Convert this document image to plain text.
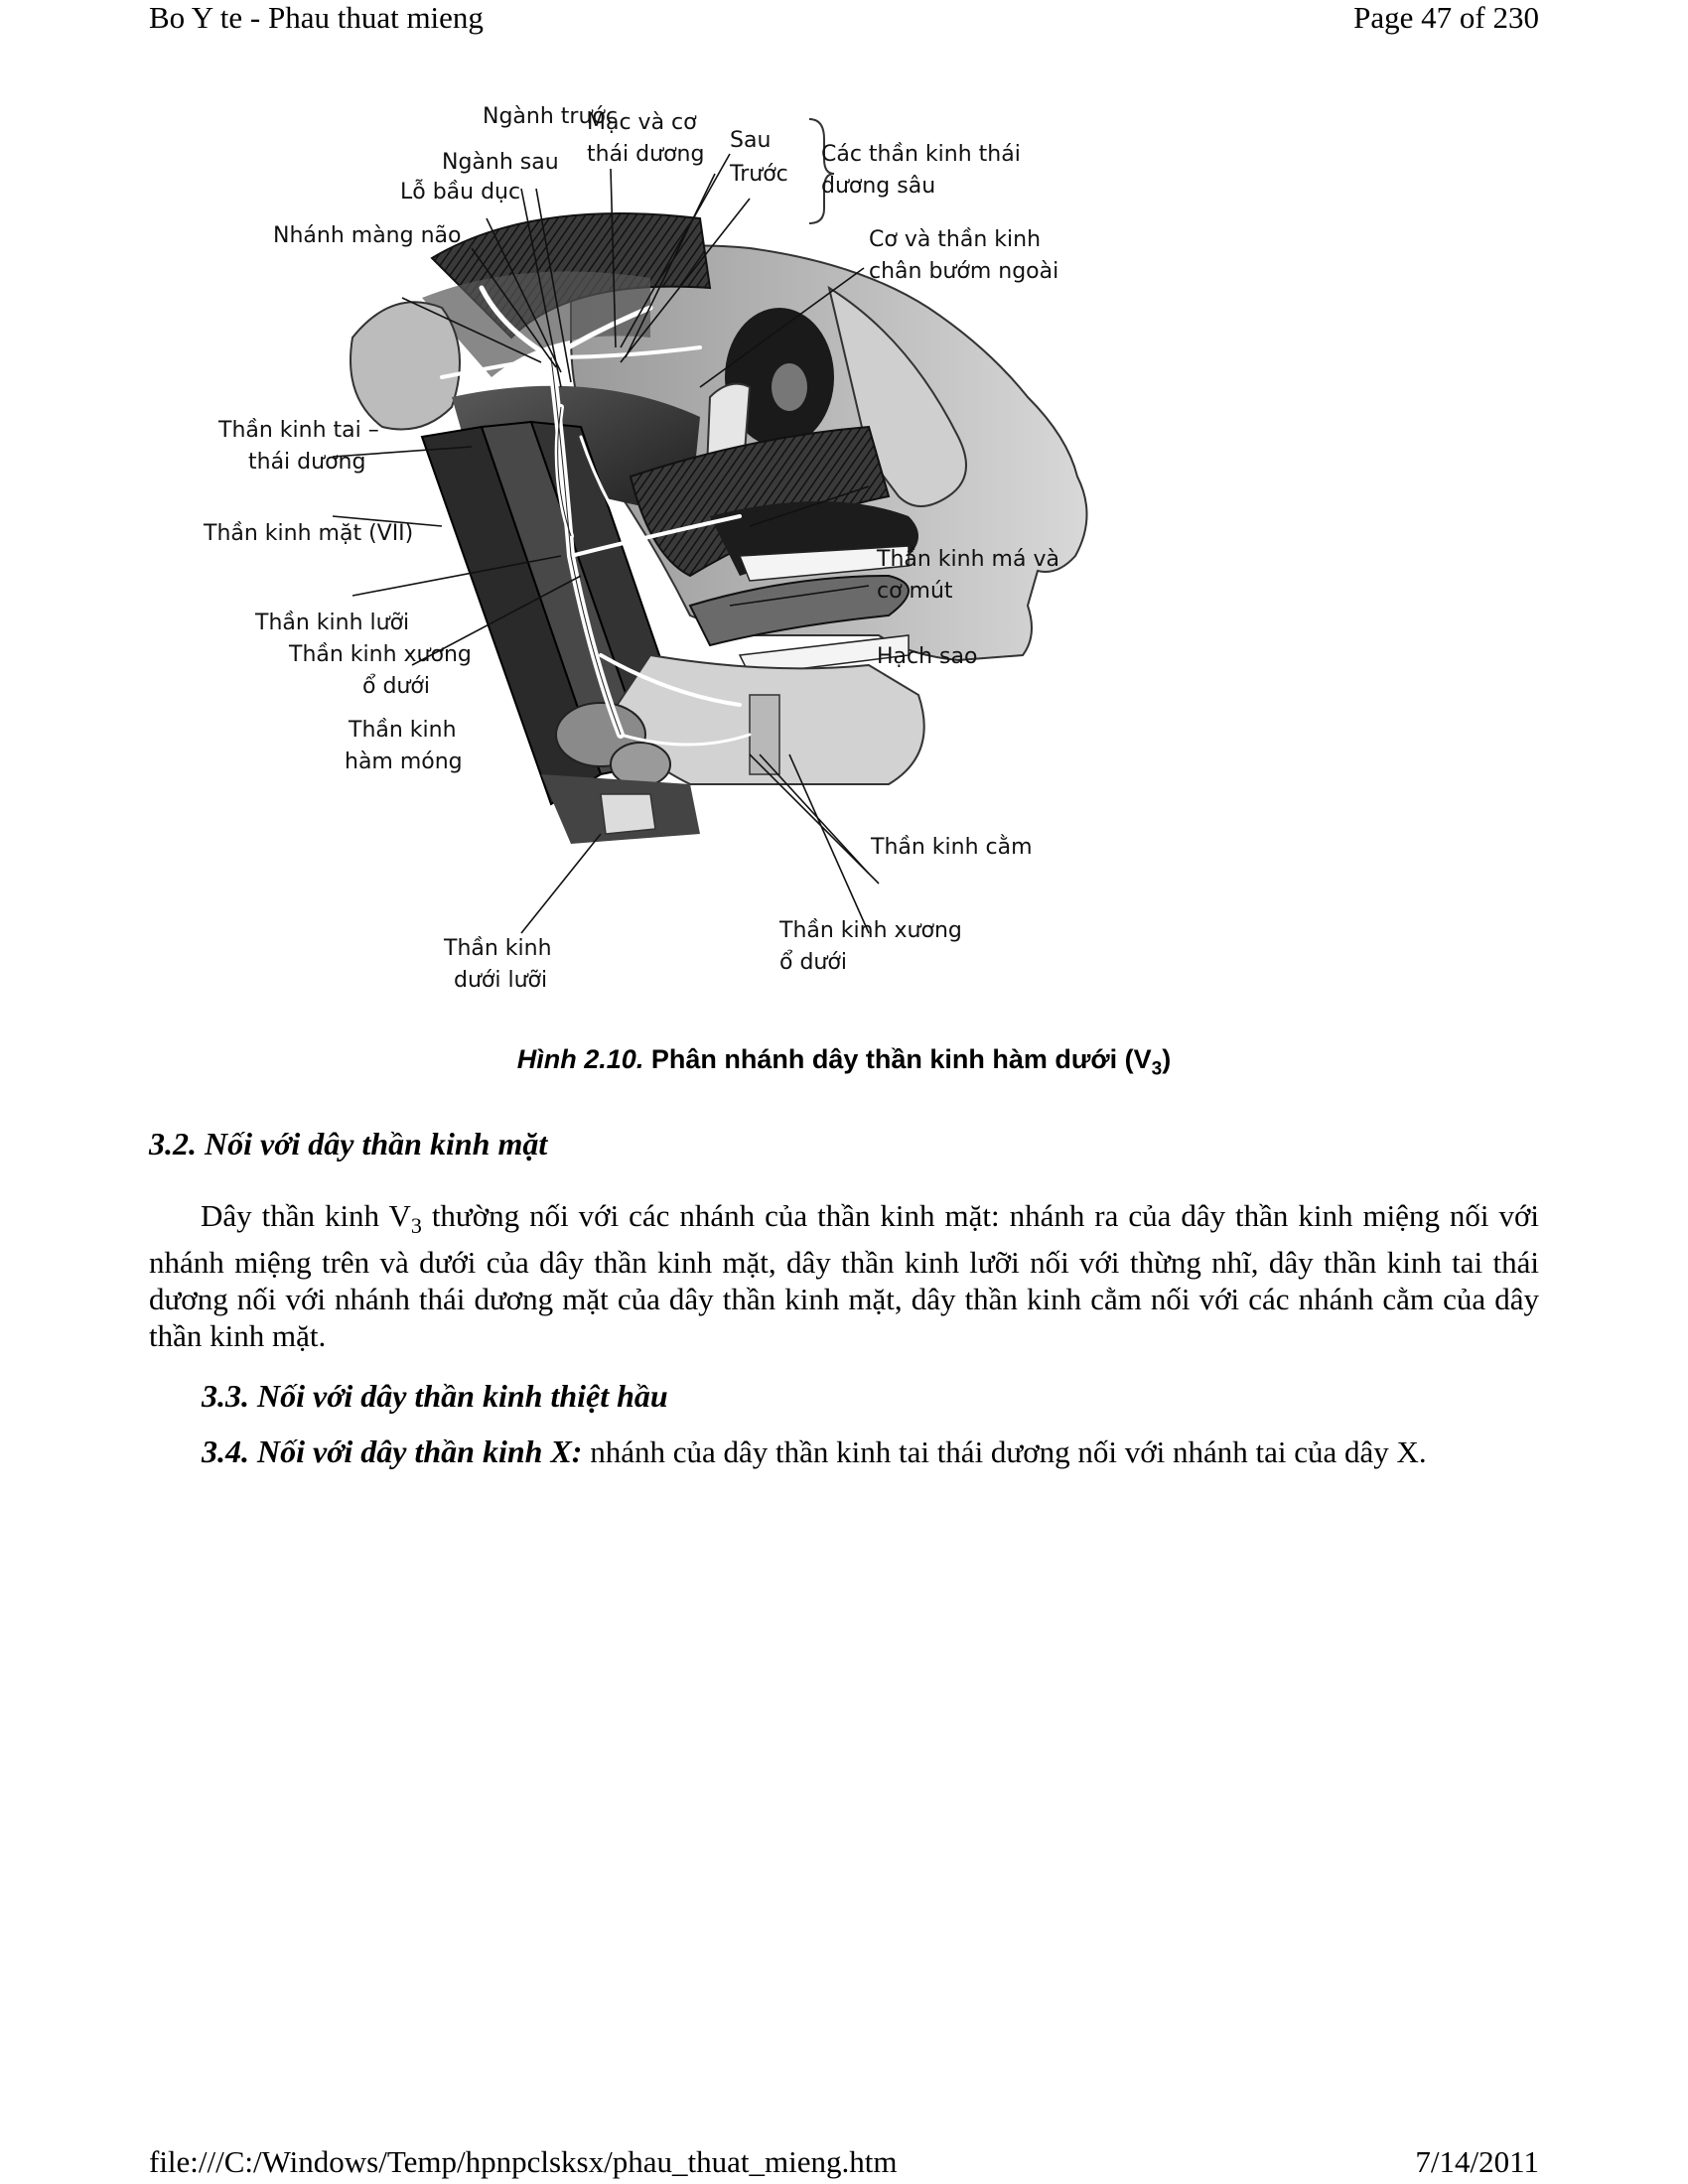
Bo Y te - Phau thuat mieng	Page 47 of 230
Ngành trước
Mạc và cơ
thái dương
Sau
Trước
Các thần kinh thái
dương sâu
Ngành sau
Lỗ bầu dục
Nhánh màng não	Cơ và thần kinh
chân bướm ngoài
Thần kinh tai –
thái dương
Thần kinh mặt (VII)
Thần kinh má và
cơ mút
Thần kinh lưỡi
Thần kinh xương
ổ dưới
Hạch sao
Thần kinh
hàm móng
Thần kinh cằm
Thần kinh
dưới lưỡi
Thần kinh xương
ổ dưới
Hình 2.10. Phân nhánh dây thần kinh hàm dưới $(V_3)$
3.2. Nối với dây thần kinh mặt
Dây thần kinh $V_3$ thường nối với các nhánh của thần kinh mặt: nhánh ra của dây thần kinh miệng nối với nhánh miệng trên và dưới của dây thần kinh mặt, dây thần kinh lưỡi nối với thừng nhĩ, dây thần kinh tai thái dương nối với nhánh thái dương mặt của dây thần kinh mặt, dây thần kinh cằm nối với các nhánh cằm của dây thần kinh mặt.
3.3. Nối với dây thần kinh thiệt hầu
3.4. Nối với dây thần kinh X: nhánh của dây thần kinh tai thái dương nối với nhánh tai của dây X.
file:///C:/Windows/Temp/hpnpclsksx/phau_thuat_mieng.htm	7/14/2011
